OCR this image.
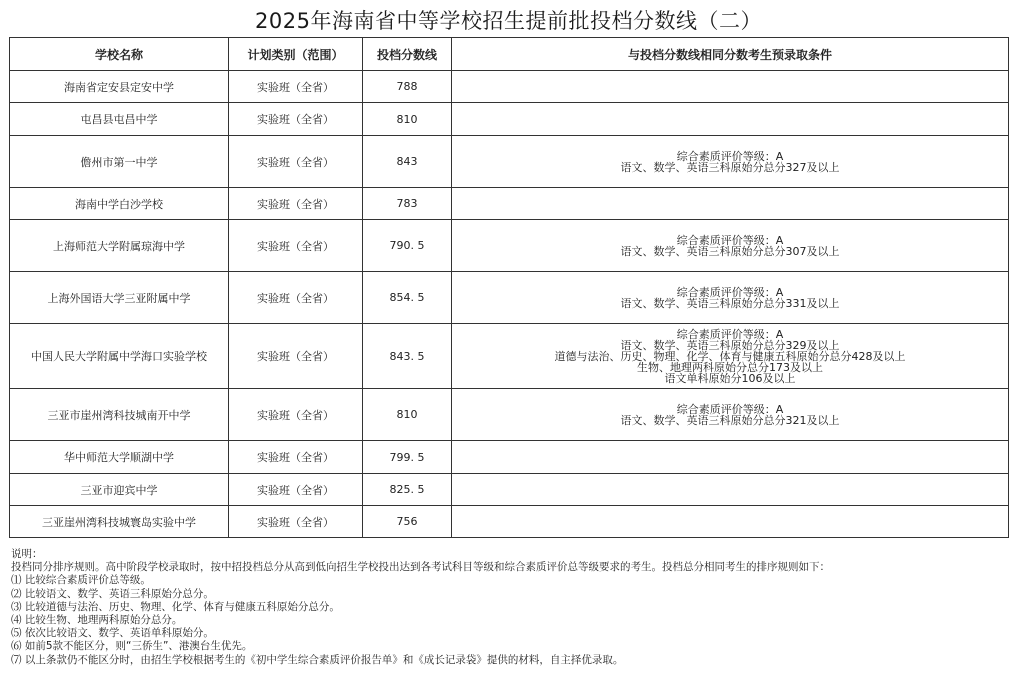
2025年海南省中等学校招生提前批投档分数线（二）
学校名称	计划类别（范围）	投档分数线	与投档分数线相同分数考生预录取条件
海南省定安县定安中学	实验班（全省）	788	
屯昌县屯昌中学	实验班（全省）	810	
儋州市第一中学	实验班（全省）	843	综合素质评价等级：A
语文、数学、英语三科原始分总分327及以上

海南中学白沙学校	实验班（全省）	783	
上海师范大学附属琼海中学	实验班（全省）	790. 5	综合素质评价等级：A
语文、数学、英语三科原始分总分307及以上

上海外国语大学三亚附属中学	实验班（全省）	854. 5	综合素质评价等级：A
语文、数学、英语三科原始分总分331及以上

中国人民大学附属中学海口实验学校	实验班（全省）	843. 5	综合素质评价等级：A
语文、数学、英语三科原始分总分329及以上
道德与法治、历史、物理、化学、体育与健康五科原始分总分428及以上
生物、地理两科原始分总分173及以上
语文单科原始分106及以上

三亚市崖州湾科技城南开中学	实验班（全省）	810	综合素质评价等级：A
语文、数学、英语三科原始分总分321及以上

华中师范大学顺湖中学	实验班（全省）	799. 5	
三亚市迎宾中学	实验班（全省）	825. 5	
三亚崖州湾科技城寰岛实验中学	实验班（全省）	756	
说明：
投档同分排序规则。高中阶段学校录取时，按中招投档总分从高到低向招生学校投出达到各考试科目等级和综合素质评价总等级要求的考生。投档总分相同考生的排序规则如下：
⑴ 比较综合素质评价总等级。
⑵ 比较语文、数学、英语三科原始分总分。
⑶ 比较道德与法治、历史、物理、化学、体育与健康五科原始分总分。
⑷ 比较生物、地理两科原始分总分。
⑸ 依次比较语文、数学、英语单科原始分。
⑹ 如前5款不能区分，则“三侨生”、港澳台生优先。
⑺ 以上条款仍不能区分时，由招生学校根据考生的《初中学生综合素质评价报告单》和《成长记录袋》提供的材料，自主择优录取。
